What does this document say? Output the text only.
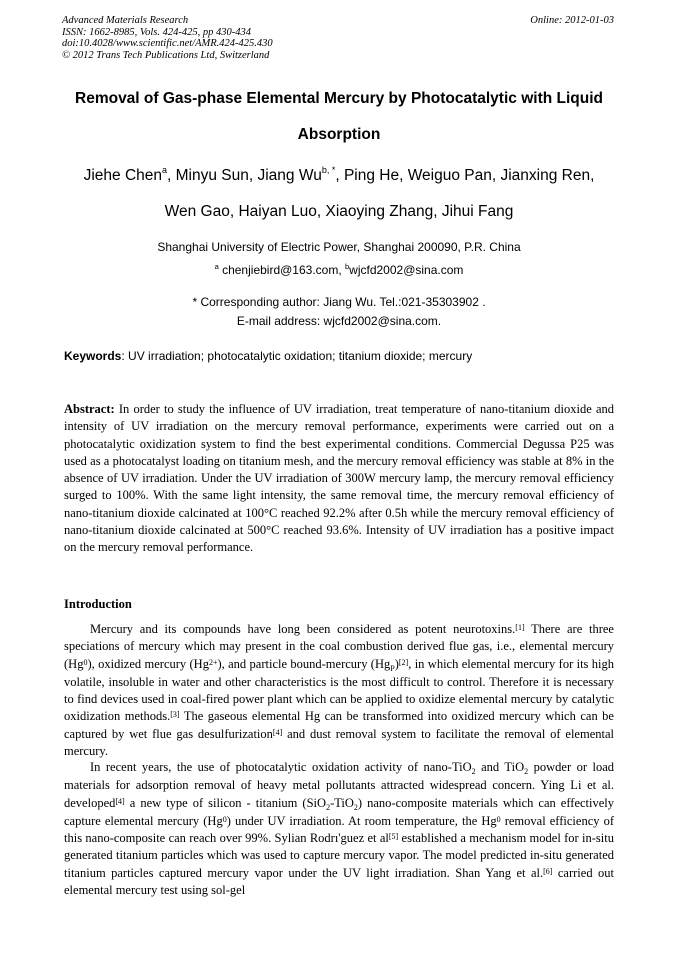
Advanced Materials Research
ISSN: 1662-8985, Vols. 424-425, pp 430-434
doi:10.4028/www.scientific.net/AMR.424-425.430
© 2012 Trans Tech Publications Ltd, Switzerland
Online: 2012-01-03
Removal of Gas-phase Elemental Mercury by Photocatalytic with Liquid
Absorption
Jiehe Chen$^a$, Minyu Sun, Jiang $Wu^{b, *}$, Ping He, Weiguo Pan, Jianxing Ren,
Wen Gao, Haiyan Luo, Xiaoying Zhang, Jihui Fang
Shanghai University of Electric Power, Shanghai 200090, P.R. China
$^a$ chenjiebird@163.com, $^b$wjcfd2002@sina.com
* Corresponding author: Jiang Wu. Tel.:021-35303902 .
E-mail address: wjcfd2002@sina.com.
Keywords: UV irradiation; photocatalytic oxidation; titanium dioxide; mercury
Abstract: In order to study the influence of UV irradiation, treat temperature of nano-titanium dioxide and intensity of UV irradiation on the mercury removal performance, experiments were carried out on a photocatalytic oxidization system to find the best experimental conditions. Commercial Degussa P25 was used as a photocatalyst loading on titanium mesh, and the mercury removal efficiency was stable at 8% in the absence of UV irradiation. Under the UV irradiation of 300W mercury lamp, the mercury removal efficiency surged to 100%. With the same light intensity, the same removal time, the mercury removal efficiency of nano-titanium dioxide calcinated at 100°C reached 92.2% after 0.5h while the mercury removal efficiency of nano-titanium dioxide calcinated at 500°C reached 93.6%. Intensity of UV irradiation has a positive impact on the mercury removal performance.
Introduction
Mercury and its compounds have long been considered as potent neurotoxins.[1] There are three speciations of mercury which may present in the coal combustion derived flue gas, i.e., elemental mercury (Hg$^0$), oxidized mercury $(Hg^{2+})$, and particle bound-mercury $(Hg_P)[2]$, in which elemental mercury for its high volatile, insoluble in water and other characteristics is the most difficult to control. Therefore it is necessary to find devices used in coal-fired power plant which can be applied to oxidize elemental mercury by catalytic oxidization methods.[3] The gaseous elemental Hg can be transformed into oxidized mercury which can be captured by wet flue gas desulfurization[4] and dust removal system to facilitate the removal of elemental mercury.
In recent years, the use of photocatalytic oxidation activity of nano-TiO$_2$ and TiO$_2$ powder or load materials for adsorption removal of heavy metal pollutants attracted widespread concern. Ying Li et al. developed[4] a new type of silicon - titanium (SiO$_2$-TiO$_2$) nano-composite materials which can effectively capture elemental mercury (Hg$^0$) under UV irradiation. At room temperature, the Hg$^0$ removal efficiency of this nano-composite can reach over 99%. Sylian Rodrı'guez et al[5] established a mechanism model for in-situ generated titanium particles which was used to capture mercury vapor. The model predicted in-situ generated titanium particles captured mercury vapor under the UV light irradiation. Shan Yang et al.[6] carried out elemental mercury test using sol-gel
